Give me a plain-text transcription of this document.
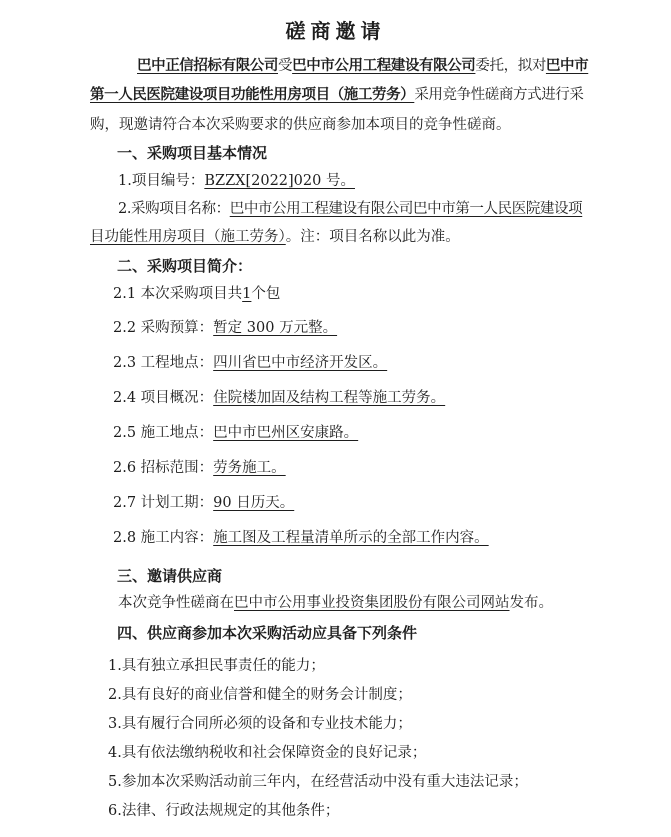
磋商邀请
巴中正信招标有限公司受巴中市公用工程建设有限公司委托，拟对巴中市
第一人民医院建设项目功能性用房项目（施工劳务）采用竞争性磋商方式进行采
购，现邀请符合本次采购要求的供应商参加本项目的竞争性磋商。
一、采购项目基本情况
1.项目编号：BZZX[2022]020 号。
2.采购项目名称：巴中市公用工程建设有限公司巴中市第一人民医院建设项
目功能性用房项目（施工劳务）。注：项目名称以此为准。
二、采购项目简介：
2.1 本次采购项目共1个包
2.2 采购预算：暂定 300 万元整。
2.3 工程地点：四川省巴中市经济开发区。
2.4 项目概况：住院楼加固及结构工程等施工劳务。
2.5 施工地点：巴中市巴州区安康路。
2.6 招标范围：劳务施工。
2.7 计划工期：90 日历天。
2.8 施工内容：施工图及工程量清单所示的全部工作内容。
三、邀请供应商
本次竞争性磋商在巴中市公用事业投资集团股份有限公司网站发布。
四、供应商参加本次采购活动应具备下列条件
1.具有独立承担民事责任的能力；
2.具有良好的商业信誉和健全的财务会计制度；
3.具有履行合同所必须的设备和专业技术能力；
4.具有依法缴纳税收和社会保障资金的良好记录；
5.参加本次采购活动前三年内，在经营活动中没有重大违法记录；
6.法律、行政法规规定的其他条件；
